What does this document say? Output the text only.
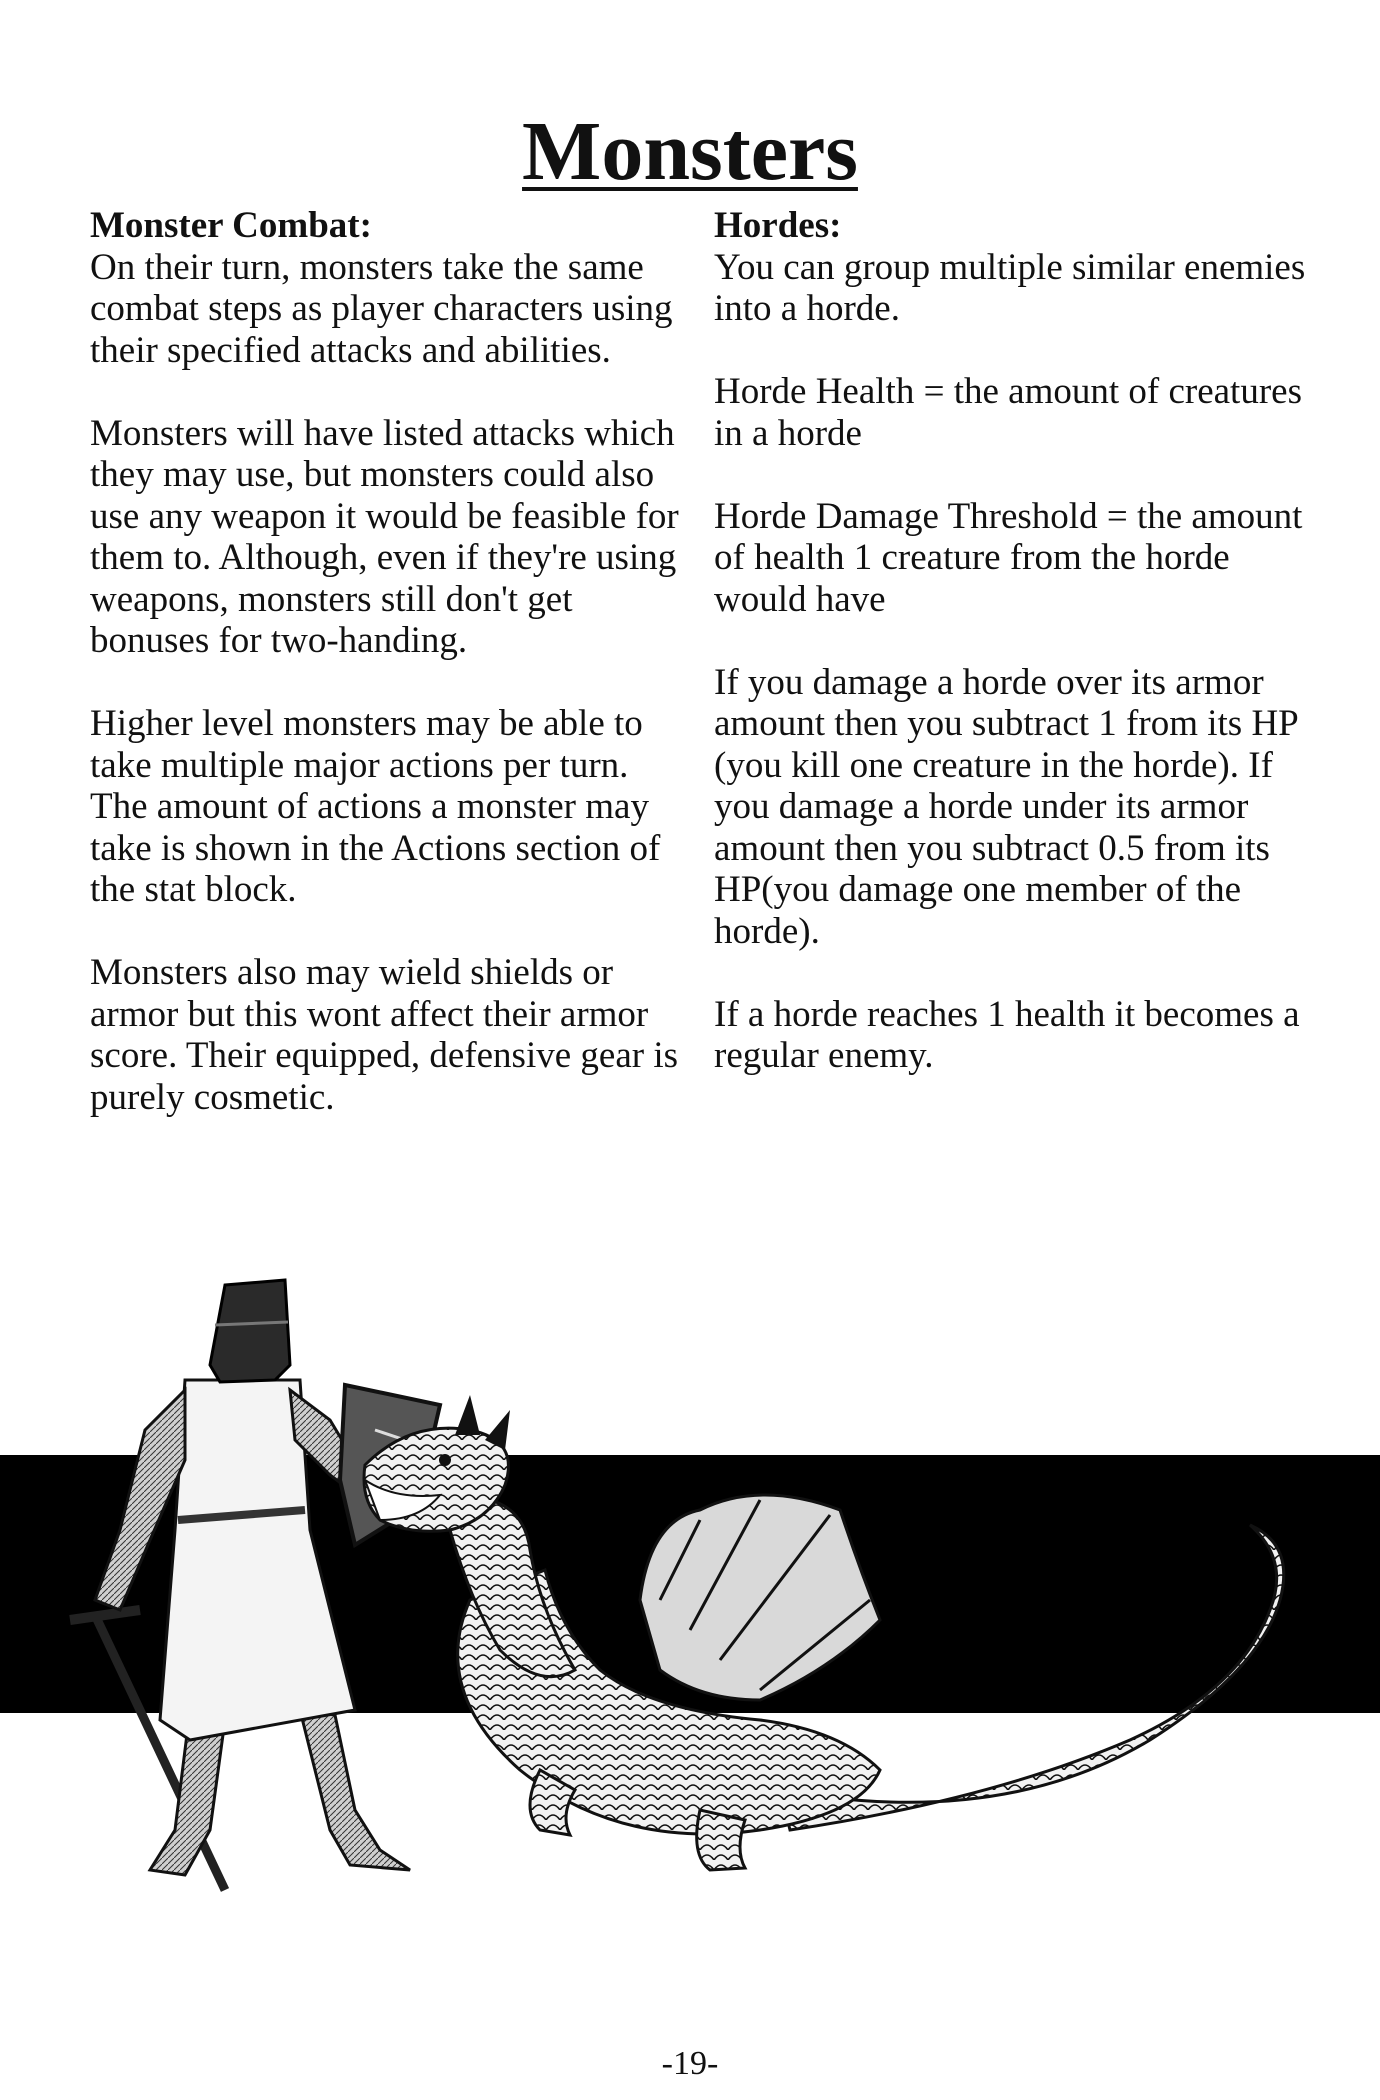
Monsters
Monster Combat:

On their turn, monsters take the same combat steps as player characters using their specified attacks and abilities.

Monsters will have listed attacks which they may use, but monsters could also use any weapon it would be feasible for them to. Although, even if they're using weapons, monsters still don't get bonuses for two-handing.

Higher level monsters may be able to take multiple major actions per turn. The amount of actions a monster may take is shown in the Actions section of the stat block.

Monsters also may wield shields or armor but this wont affect their armor score. Their equipped, defensive gear is purely cosmetic.

Hordes:

You can group multiple similar enemies into a horde.

Horde Health = the amount of creatures in a horde

Horde Damage Threshold = the amount of health 1 creature from the horde would have

If you damage a horde over its armor amount then you subtract 1 from its HP (you kill one creature in the horde). If you damage a horde under its armor amount then you subtract 0.5 from its HP(you damage one member of the horde).

If a horde reaches 1 health it becomes a regular enemy.

-19-
